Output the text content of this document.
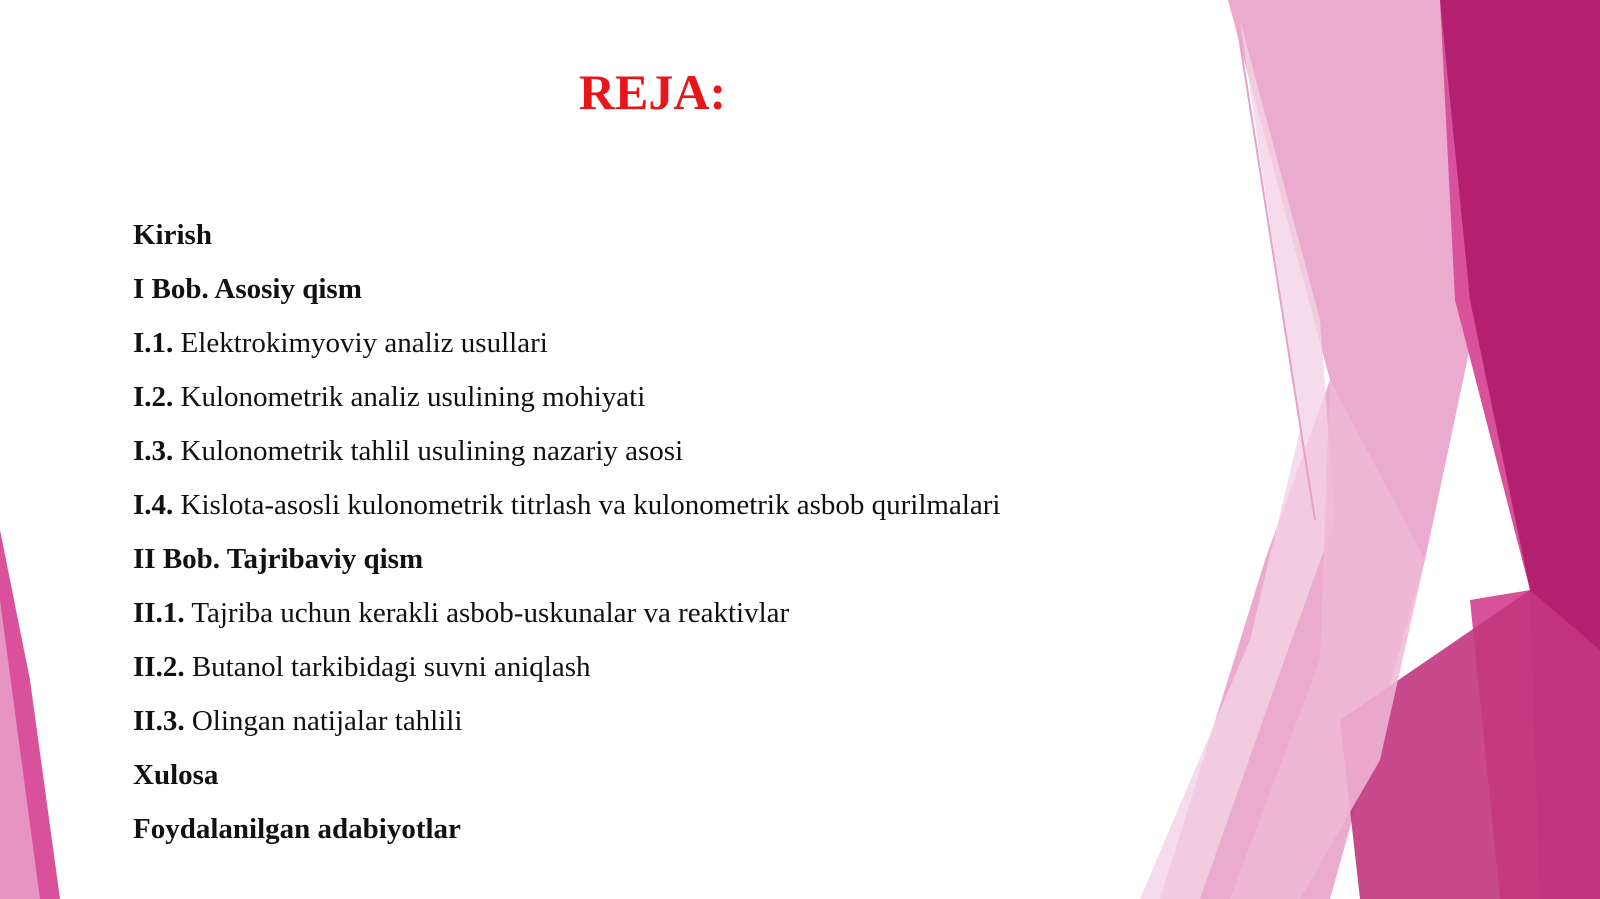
REJA:
Kirish
I Bob. Asosiy qism
I.1. Elektrokimyoviy analiz usullari
I.2. Kulonometrik analiz usulining mohiyati
I.3. Kulonometrik tahlil usulining nazariy asosi
I.4. Kislota-asosli kulonometrik titrlash va kulonometrik asbob qurilmalari
II Bob. Tajribaviy qism
II.1. Tajriba uchun kerakli asbob-uskunalar va reaktivlar
II.2. Butanol tarkibidagi suvni aniqlash
II.3. Olingan natijalar tahlili
Xulosa
Foydalanilgan adabiyotlar
